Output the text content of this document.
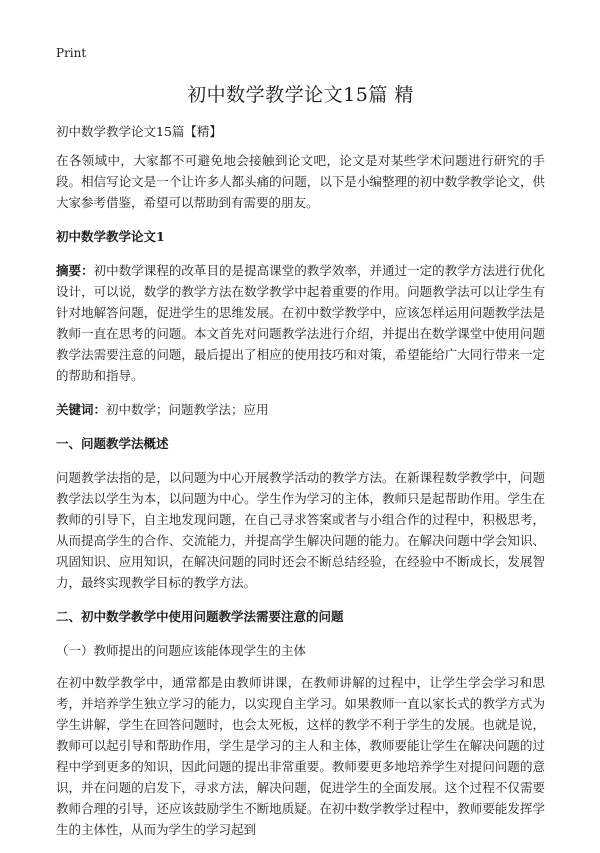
Print
初中数学教学论文15篇 精

初中数学教学论文15篇【精】

在各领域中，大家都不可避免地会接触到论文吧，论文是对某些学术问题进行研究的手段。相信写论文是一个让许多人都头痛的问题，以下是小编整理的初中数学教学论文，供大家参考借鉴，希望可以帮助到有需要的朋友。

初中数学教学论文1

摘要：初中数学课程的改革目的是提高课堂的教学效率，并通过一定的教学方法进行优化设计，可以说，数学的教学方法在数学教学中起着重要的作用。问题教学法可以让学生有针对地解答问题，促进学生的思维发展。在初中数学教学中，应该怎样运用问题教学法是教师一直在思考的问题。本文首先对问题教学法进行介绍，并提出在数学课堂中使用问题教学法需要注意的问题，最后提出了相应的使用技巧和对策，希望能给广大同行带来一定的帮助和指导。

关键词：初中数学；问题教学法；应用

一、问题教学法概述

问题教学法指的是，以问题为中心开展教学活动的教学方法。在新课程数学教学中，问题教学法以学生为本，以问题为中心。学生作为学习的主体，教师只是起帮助作用。学生在教师的引导下，自主地发现问题，在自己寻求答案或者与小组合作的过程中，积极思考，从而提高学生的合作、交流能力，并提高学生解决问题的能力。在解决问题中学会知识、巩固知识、应用知识，在解决问题的同时还会不断总结经验，在经验中不断成长，发展智力，最终实现教学目标的教学方法。

二、初中数学教学中使用问题教学法需要注意的问题

（一）教师提出的问题应该能体现学生的主体

在初中数学教学中，通常都是由教师讲课，在教师讲解的过程中，让学生学会学习和思考，并培养学生独立学习的能力，以实现自主学习。如果教师一直以家长式的教学方式为学生讲解，学生在回答问题时，也会太死板，这样的教学不利于学生的发展。也就是说，教师可以起引导和帮助作用，学生是学习的主人和主体，教师要能让学生在解决问题的过程中学到更多的知识，因此问题的提出非常重要。教师要更多地培养学生对提问问题的意识，并在问题的启发下，寻求方法，解决问题，促进学生的全面发展。这个过程不仅需要教师合理的引导，还应该鼓励学生不断地质疑。在初中数学教学过程中，教师要能发挥学生的主体性，从而为学生的学习起到
